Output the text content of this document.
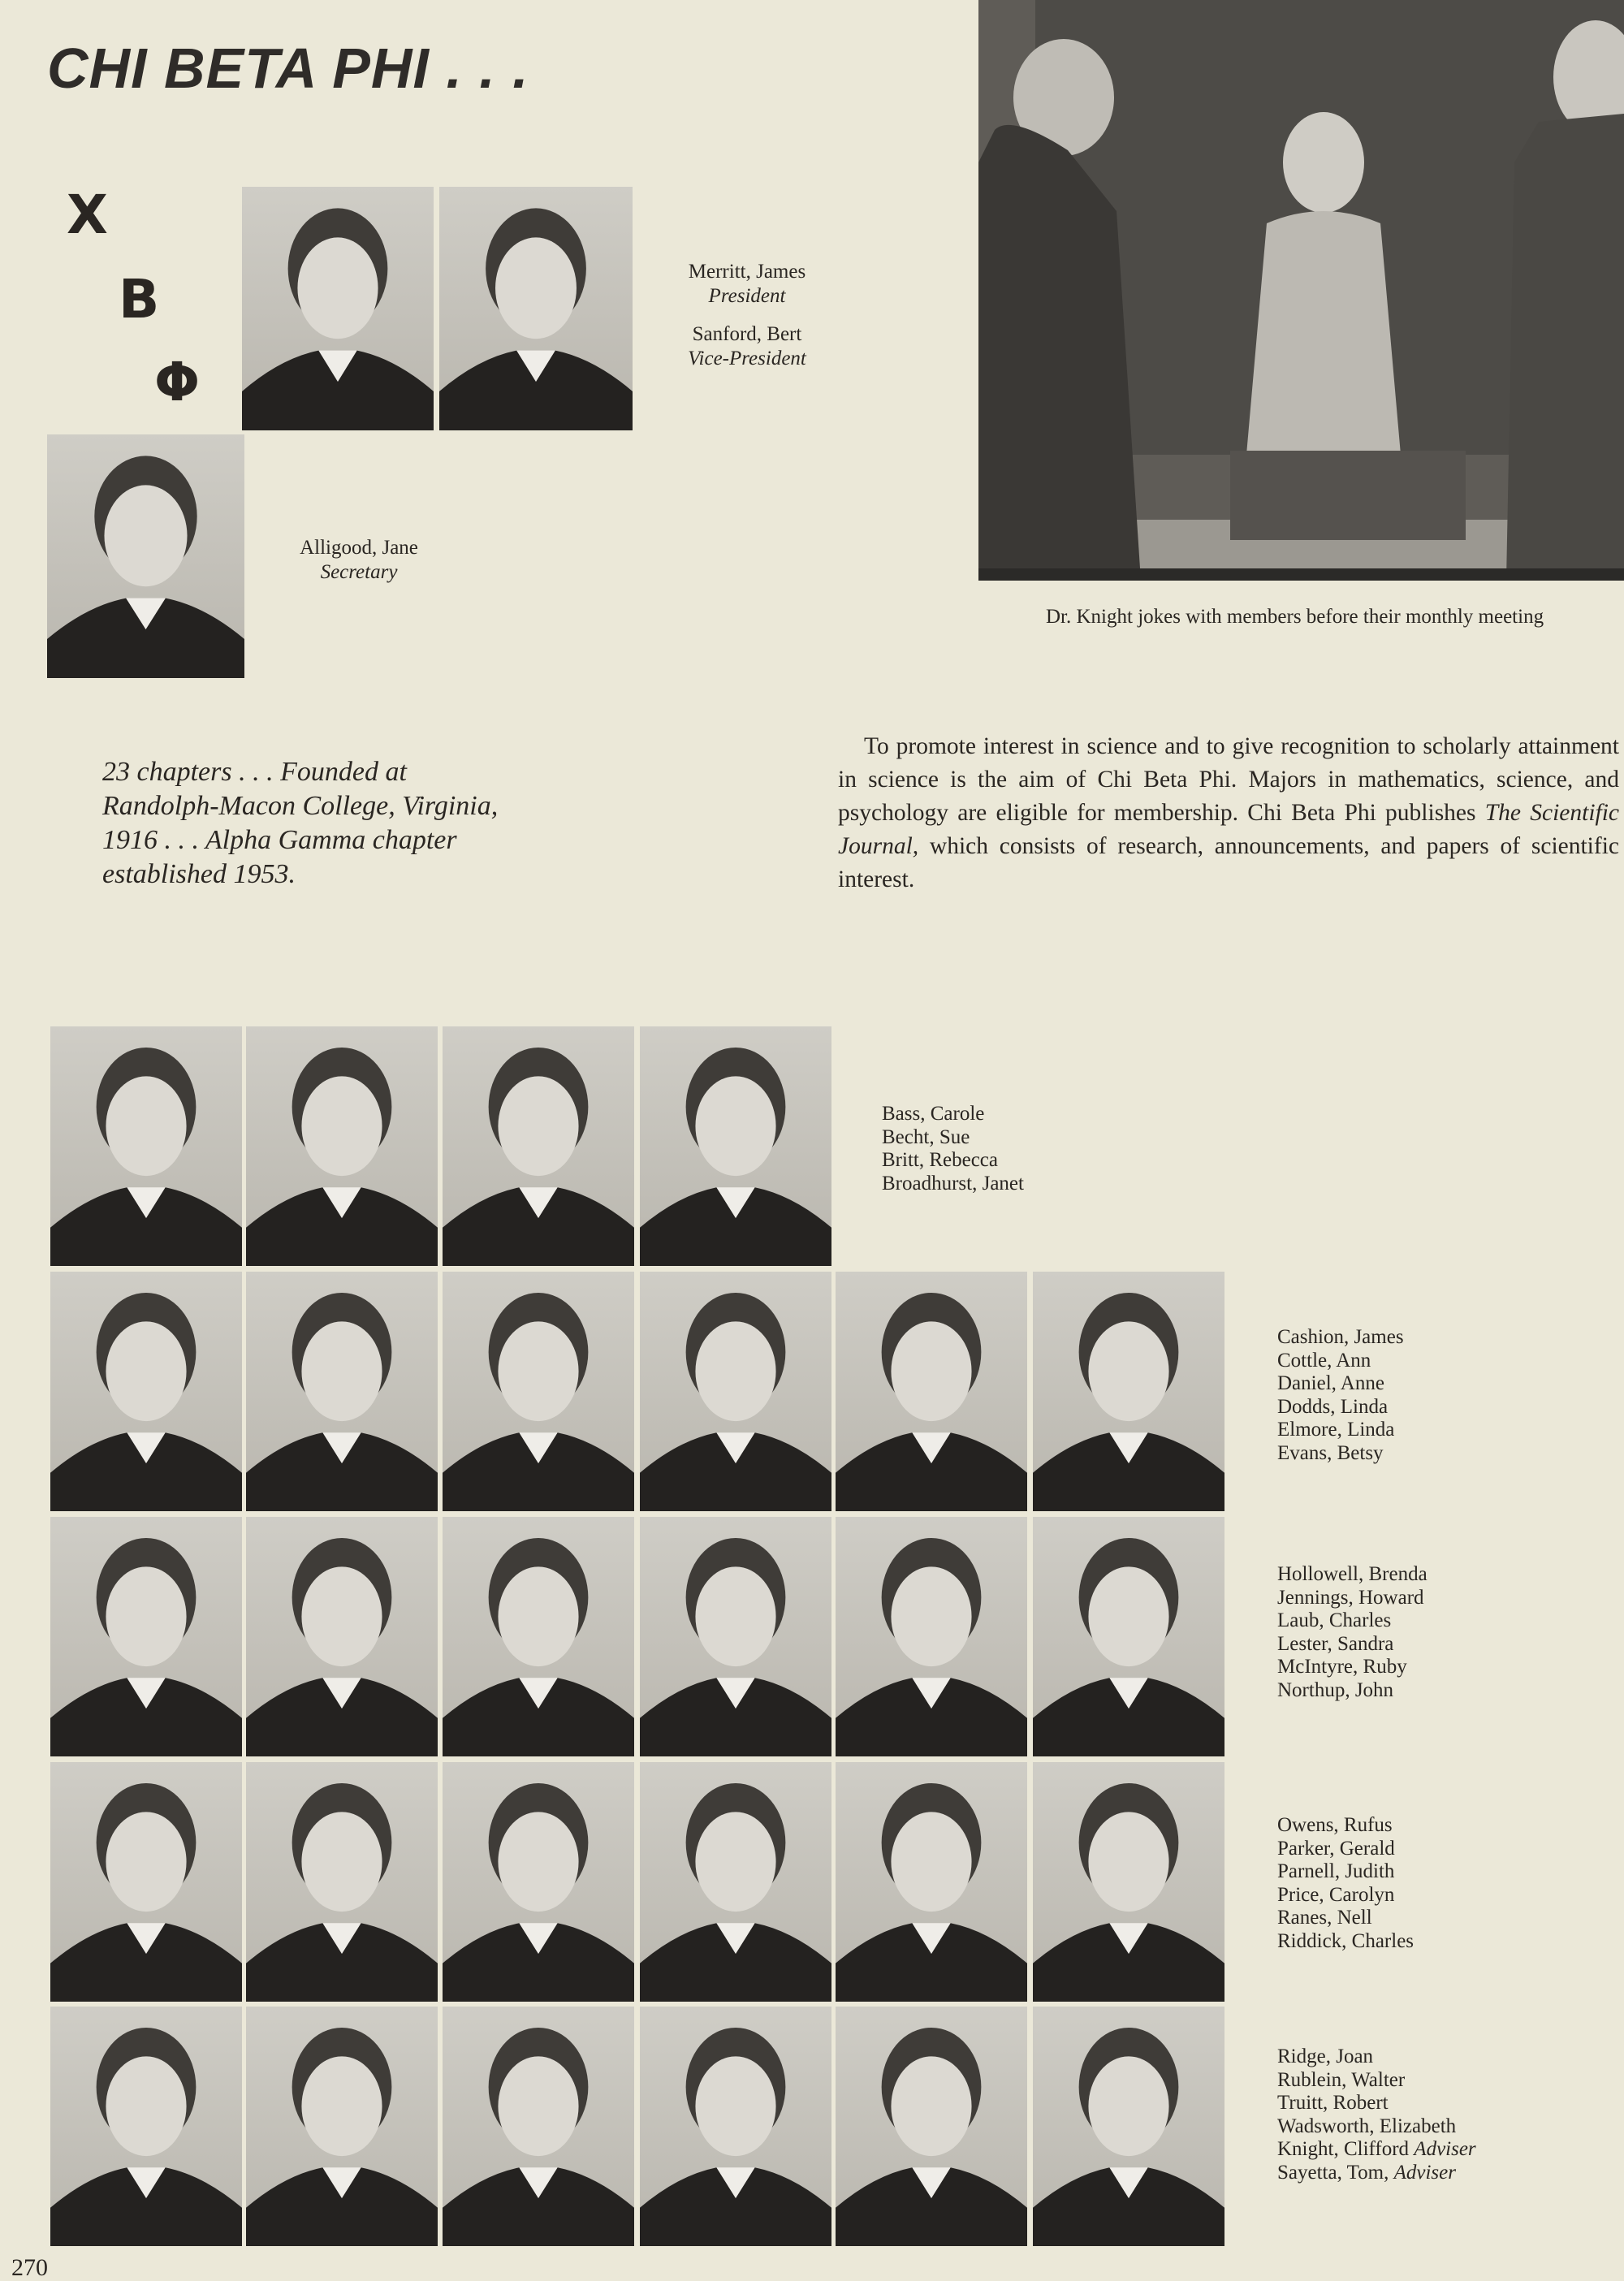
CHI BETA PHI . . .
Χ
Β
Φ
Merritt, James
President
Sanford, Bert
Vice-President
Alligood, Jane
Secretary
Dr. Knight jokes with members before their monthly meeting
23 chapters . . . Founded at Randolph-Macon College, Virginia, 1916 . . . Alpha Gamma chapter established 1953.
To promote interest in science and to give recognition to scholarly attainment in science is the aim of Chi Beta Phi. Majors in mathematics, science, and psychology are eligible for membership. Chi Beta Phi publishes The Scientific Journal, which consists of research, announcements, and papers of scientific interest.
Bass, Carole
Becht, Sue
Britt, Rebecca
Broadhurst, Janet
Cashion, James
Cottle, Ann
Daniel, Anne
Dodds, Linda
Elmore, Linda
Evans, Betsy
Hollowell, Brenda
Jennings, Howard
Laub, Charles
Lester, Sandra
McIntyre, Ruby
Northup, John
Owens, Rufus
Parker, Gerald
Parnell, Judith
Price, Carolyn
Ranes, Nell
Riddick, Charles
Ridge, Joan
Rublein, Walter
Truitt, Robert
Wadsworth, Elizabeth
Knight, Clifford Adviser
Sayetta, Tom, Adviser
270
